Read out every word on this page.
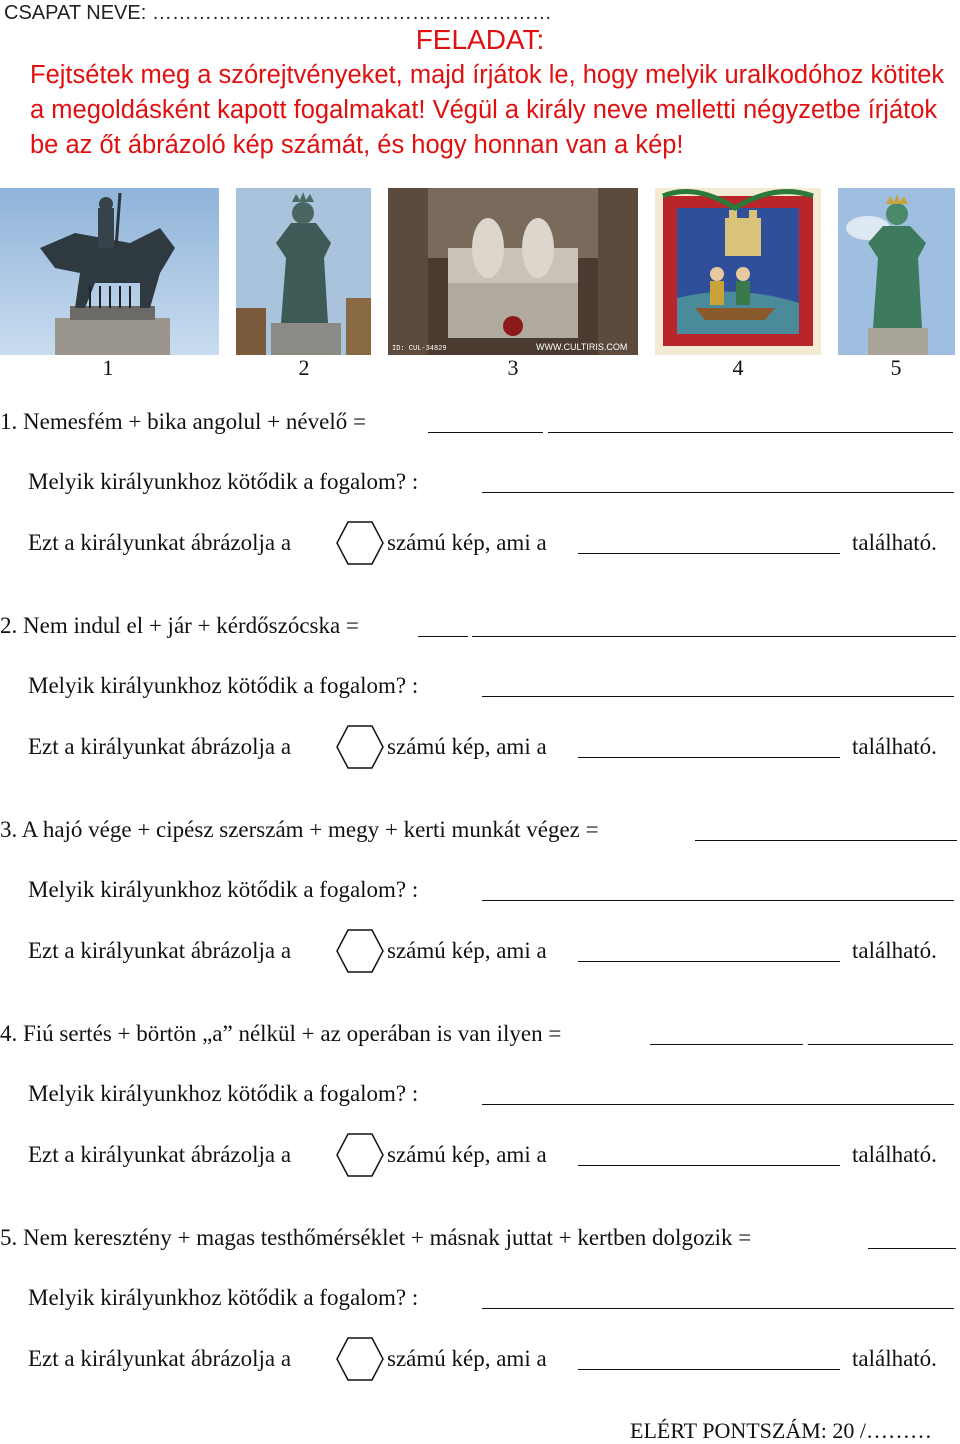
CSAPAT NEVE: ……………………………………………………
FELADAT:
Fejtsétek meg a szórejtvényeket, majd írjátok le, hogy melyik uralkodóhoz kötitek a megoldásként kapott fogalmakat! Végül a király neve melletti négyzetbe írjátok be az őt ábrázoló kép számát, és hogy honnan van a kép!
1	2
ID: CUL-34829	WWW.CULTIRIS.COM
3	4	5
1. Nemesfém + bika angolul + névelő =
Melyik királyunkhoz kötődik a fogalom? :
Ezt a királyunkat ábrázolja a	számú kép, ami a	található.
2. Nem indul el + jár + kérdőszócska =
Melyik királyunkhoz kötődik a fogalom? :
Ezt a királyunkat ábrázolja a	számú kép, ami a	található.
3. A hajó vége + cipész szerszám + megy + kerti munkát végez =
Melyik királyunkhoz kötődik a fogalom? :
Ezt a királyunkat ábrázolja a	számú kép, ami a	található.
4. Fiú sertés + börtön „a” nélkül + az operában is van ilyen =
Melyik királyunkhoz kötődik a fogalom? :
Ezt a királyunkat ábrázolja a	számú kép, ami a	található.
5. Nem keresztény + magas testhőmérséklet + másnak juttat + kertben dolgozik =
Melyik királyunkhoz kötődik a fogalom? :
Ezt a királyunkat ábrázolja a	számú kép, ami a	található.
ELÉRT PONTSZÁM: 20 /………
